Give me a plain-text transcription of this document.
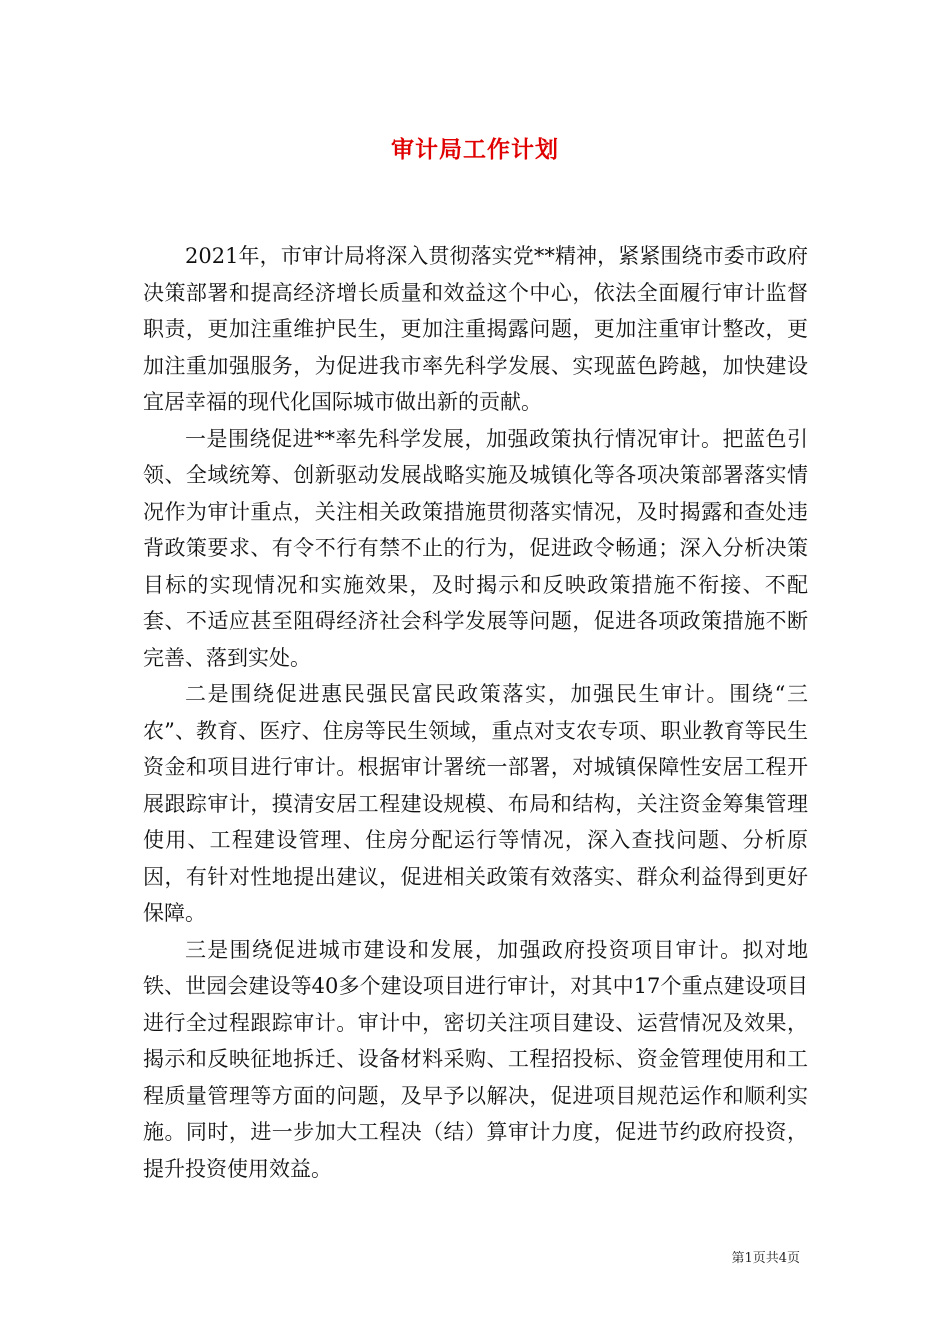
审计局工作计划

2021年，市审计局将深入贯彻落实党**精神，紧紧围绕市委市政府决策部署和提高经济增长质量和效益这个中心，依法全面履行审计监督职责，更加注重维护民生，更加注重揭露问题，更加注重审计整改，更加注重加强服务，为促进我市率先科学发展、实现蓝色跨越，加快建设宜居幸福的现代化国际城市做出新的贡献。

一是围绕促进**率先科学发展，加强政策执行情况审计。把蓝色引领、全域统筹、创新驱动发展战略实施及城镇化等各项决策部署落实情况作为审计重点，关注相关政策措施贯彻落实情况，及时揭露和查处违背政策要求、有令不行有禁不止的行为，促进政令畅通；深入分析决策目标的实现情况和实施效果，及时揭示和反映政策措施不衔接、不配套、不适应甚至阻碍经济社会科学发展等问题，促进各项政策措施不断完善、落到实处。

二是围绕促进惠民强民富民政策落实，加强民生审计。围绕“三农”、教育、医疗、住房等民生领域，重点对支农专项、职业教育等民生资金和项目进行审计。根据审计署统一部署，对城镇保障性安居工程开展跟踪审计，摸清安居工程建设规模、布局和结构，关注资金筹集管理使用、工程建设管理、住房分配运行等情况，深入查找问题、分析原因，有针对性地提出建议，促进相关政策有效落实、群众利益得到更好保障。

三是围绕促进城市建设和发展，加强政府投资项目审计。拟对地铁、世园会建设等40多个建设项目进行审计，对其中17个重点建设项目进行全过程跟踪审计。审计中，密切关注项目建设、运营情况及效果，揭示和反映征地拆迁、设备材料采购、工程招投标、资金管理使用和工程质量管理等方面的问题，及早予以解决，促进项目规范运作和顺利实施。同时，进一步加大工程决（结）算审计力度，促进节约政府投资，提升投资使用效益。

第1页共4页
